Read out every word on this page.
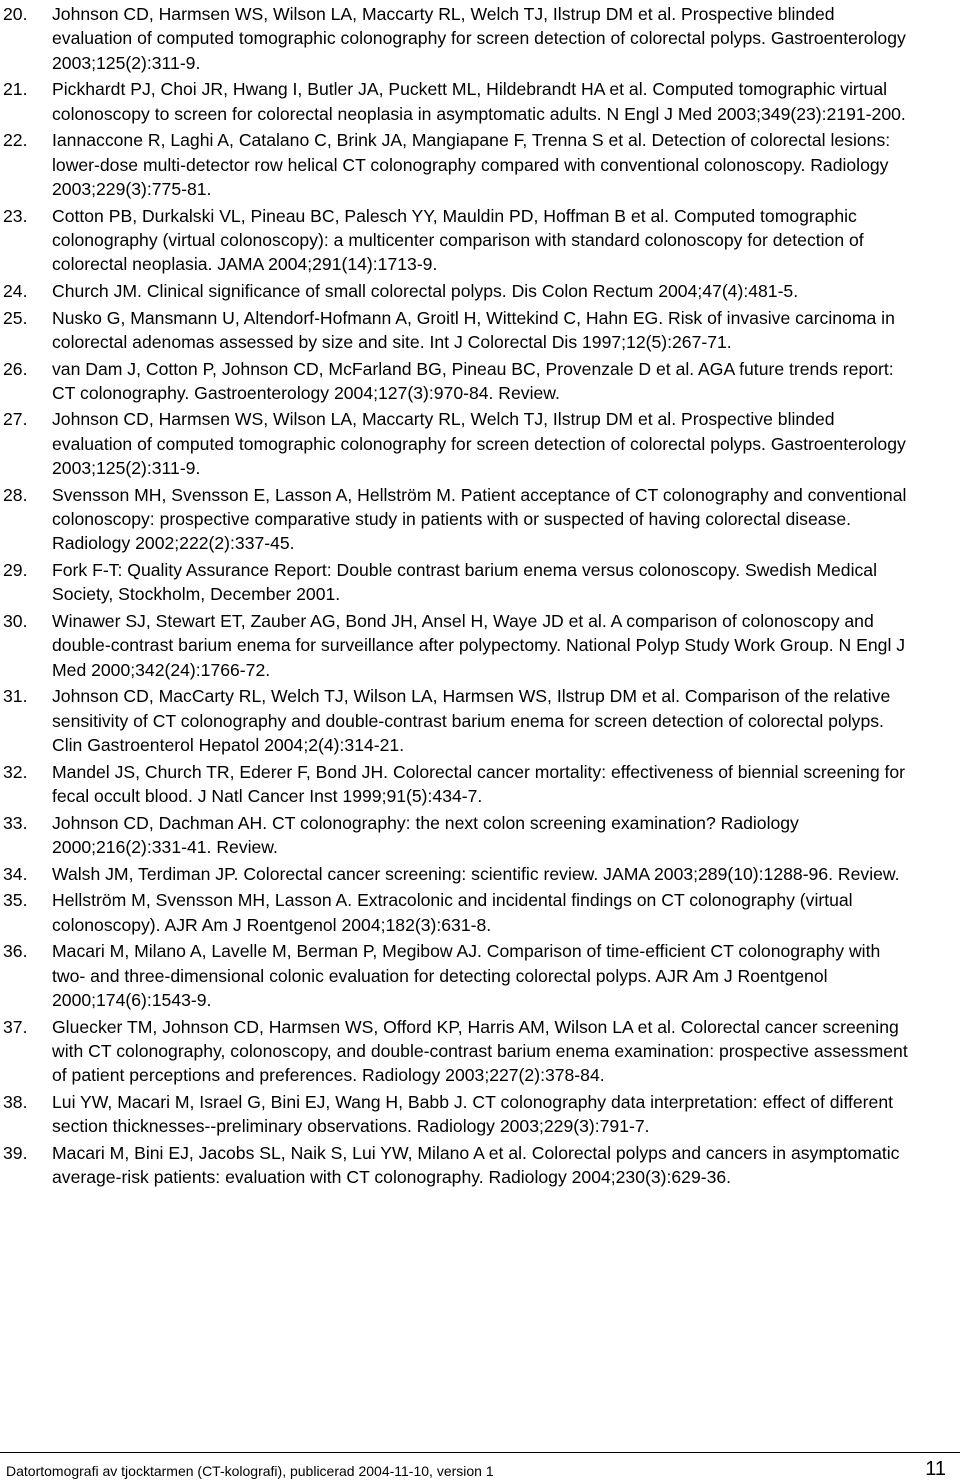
20. Johnson CD, Harmsen WS, Wilson LA, Maccarty RL, Welch TJ, Ilstrup DM et al. Prospective blinded evaluation of computed tomographic colonography for screen detection of colorectal polyps. Gastroenterology 2003;125(2):311-9.
21. Pickhardt PJ, Choi JR, Hwang I, Butler JA, Puckett ML, Hildebrandt HA et al. Computed tomographic virtual colonoscopy to screen for colorectal neoplasia in asymptomatic adults. N Engl J Med 2003;349(23):2191-200.
22. Iannaccone R, Laghi A, Catalano C, Brink JA, Mangiapane F, Trenna S et al. Detection of colorectal lesions: lower-dose multi-detector row helical CT colonography compared with conventional colonoscopy. Radiology 2003;229(3):775-81.
23. Cotton PB, Durkalski VL, Pineau BC, Palesch YY, Mauldin PD, Hoffman B et al. Computed tomographic colonography (virtual colonoscopy): a multicenter comparison with standard colonoscopy for detection of colorectal neoplasia. JAMA 2004;291(14):1713-9.
24. Church JM. Clinical significance of small colorectal polyps. Dis Colon Rectum 2004;47(4):481-5.
25. Nusko G, Mansmann U, Altendorf-Hofmann A, Groitl H, Wittekind C, Hahn EG. Risk of invasive carcinoma in colorectal adenomas assessed by size and site. Int J Colorectal Dis 1997;12(5):267-71.
26. van Dam J, Cotton P, Johnson CD, McFarland BG, Pineau BC, Provenzale D et al. AGA future trends report: CT colonography. Gastroenterology 2004;127(3):970-84. Review.
27. Johnson CD, Harmsen WS, Wilson LA, Maccarty RL, Welch TJ, Ilstrup DM et al. Prospective blinded evaluation of computed tomographic colonography for screen detection of colorectal polyps. Gastroenterology 2003;125(2):311-9.
28. Svensson MH, Svensson E, Lasson A, Hellström M. Patient acceptance of CT colonography and conventional colonoscopy: prospective comparative study in patients with or suspected of having colorectal disease. Radiology 2002;222(2):337-45.
29. Fork F-T: Quality Assurance Report: Double contrast barium enema versus colonoscopy. Swedish Medical Society, Stockholm, December 2001.
30. Winawer SJ, Stewart ET, Zauber AG, Bond JH, Ansel H, Waye JD et al. A comparison of colonoscopy and double-contrast barium enema for surveillance after polypectomy. National Polyp Study Work Group. N Engl J Med 2000;342(24):1766-72.
31. Johnson CD, MacCarty RL, Welch TJ, Wilson LA, Harmsen WS, Ilstrup DM et al. Comparison of the relative sensitivity of CT colonography and double-contrast barium enema for screen detection of colorectal polyps. Clin Gastroenterol Hepatol 2004;2(4):314-21.
32. Mandel JS, Church TR, Ederer F, Bond JH. Colorectal cancer mortality: effectiveness of biennial screening for fecal occult blood. J Natl Cancer Inst 1999;91(5):434-7.
33. Johnson CD, Dachman AH. CT colonography: the next colon screening examination? Radiology 2000;216(2):331-41. Review.
34. Walsh JM, Terdiman JP. Colorectal cancer screening: scientific review. JAMA 2003;289(10):1288-96. Review.
35. Hellström M, Svensson MH, Lasson A. Extracolonic and incidental findings on CT colonography (virtual colonoscopy). AJR Am J Roentgenol 2004;182(3):631-8.
36. Macari M, Milano A, Lavelle M, Berman P, Megibow AJ. Comparison of time-efficient CT colonography with two- and three-dimensional colonic evaluation for detecting colorectal polyps. AJR Am J Roentgenol 2000;174(6):1543-9.
37. Gluecker TM, Johnson CD, Harmsen WS, Offord KP, Harris AM, Wilson LA et al. Colorectal cancer screening with CT colonography, colonoscopy, and double-contrast barium enema examination: prospective assessment of patient perceptions and preferences. Radiology 2003;227(2):378-84.
38. Lui YW, Macari M, Israel G, Bini EJ, Wang H, Babb J. CT colonography data interpretation: effect of different section thicknesses--preliminary observations. Radiology 2003;229(3):791-7.
39. Macari M, Bini EJ, Jacobs SL, Naik S, Lui YW, Milano A et al. Colorectal polyps and cancers in asymptomatic average-risk patients: evaluation with CT colonography. Radiology 2004;230(3):629-36.
Datortomografi av tjocktarmen (CT-kolografi), publicerad 2004-11-10, version 1	11
